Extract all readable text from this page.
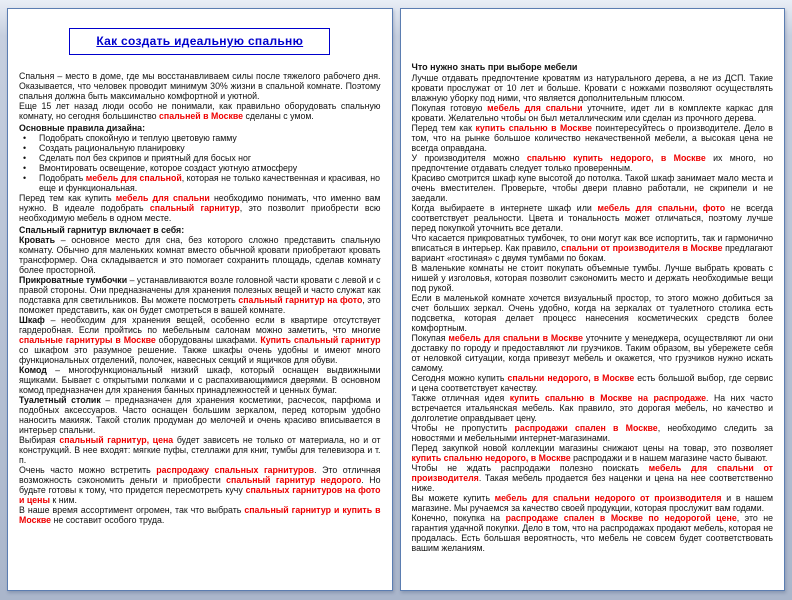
Как создать идеальную спальню
Спальня – место в доме, где мы восстанавливаем силы после тяжелого рабочего дня. Оказывается, что человек проводит минимум 30% жизни в спальной комнате. Поэтому спальня должна быть максимально комфортной и уютной.
Еще 15 лет назад люди особо не понимали, как правильно оборудовать спальную комнату, но сегодня большинство спальней в Москве сделаны с умом.
Основные правила дизайна:
• Подобрать спокойную и теплую цветовую гамму
• Создать рациональную планировку
• Сделать пол без скрипов и приятный для босых ног
• Вмонтировать освещение, которое создаст уютную атмосферу
• Подобрать мебель для спальной, которая не только качественная и красивая, но еще и функциональная.
Перед тем как купить мебель для спальни необходимо понимать, что именно вам нужно. В идеале подобрать спальный гарнитур, это позволит приобрести всю необходимую мебель в одном месте.
Спальный гарнитур включает в себя:
Кровать – основное место для сна, без которого сложно представить спальную комнату. Обычно для маленьких комнат вместо обычной кровати приобретают кровать трансформер. Она складывается и это помогает сохранить площадь, сделав комнату более просторной.
Прикроватные тумбочки – устанавливаются возле головной части кровати с левой и с правой стороны. Они предназначены для хранения полезных вещей и часто служат как подставка для светильников. Вы можете посмотреть спальный гарнитур на фото, это поможет представить, как он будет смотреться в вашей комнате.
Шкаф – необходим для хранения вещей, особенно если в квартире отсутствует гардеробная. Если пройтись по мебельным салонам можно заметить, что многие спальные гарнитуры в Москве оборудованы шкафами. Купить спальный гарнитур со шкафом это разумное решение. Также шкафы очень удобны и имеют много функциональных отделений, полочек, навесных секций и ящичков для обуви.
Комод – многофункциональный низкий шкаф, который оснащен выдвижными ящиками. Бывает с открытыми полками и с распахивающимися дверями. В основном комод предназначен для хранения банных принадлежностей и ценных бумаг.
Туалетный столик – предназначен для хранения косметики, расчесок, парфюма и подобных аксессуаров. Часто оснащен большим зеркалом, перед которым удобно наносить макияж. Такой столик продуман до мелочей и очень красиво вписывается в интерьер спальни.
Выбирая спальный гарнитур, цена будет зависеть не только от материала, но и от конструкций. В нее входят: мягкие пуфы, стеллажи для книг, тумбы для телевизора и т. п.
Очень часто можно встретить распродажу спальных гарнитуров. Это отличная возможность сэкономить деньги и приобрести спальный гарнитур недорого. Но будьте готовы к тому, что придется пересмотреть кучу спальных гарнитуров на фото и цены к ним.
В наше время ассортимент огромен, так что выбрать спальный гарнитур и купить в Москве не составит особого труда.
Что нужно знать при выборе мебели
Лучше отдавать предпочтение кроватям из натурального дерева, а не из ДСП. Такие кровати прослужат от 10 лет и больше. Кровати с ножками позволяют осуществлять влажную уборку под ними, что является дополнительным плюсом.
Покупая готовую мебель для спальни уточните, идет ли в комплекте каркас для кровати. Желательно чтобы он был металлическим или сделан из прочного дерева.
Перед тем как купить спальню в Москве поинтересуйтесь о производителе. Дело в том, что на рынке большое количество некачественной мебели, а высокая цена не всегда оправдана.
У производителя можно спальню купить недорого, в Москве их много, но предпочтение отдавать следует только проверенным.
Красиво смотрится шкаф купе высотой до потолка. Такой шкаф занимает мало места и очень вместителен. Проверьте, чтобы двери плавно работали, не скрипели и не заедали.
Когда выбираете в интернете шкаф или мебель для спальни, фото не всегда соответствует реальности. Цвета и тональность может отличаться, поэтому лучше перед покупкой уточнить все детали.
Что касается прикроватных тумбочек, то они могут как все испортить, так и гармонично вписаться в интерьер. Как правило, спальни от производителя в Москве предлагают вариант «гостиная» с двумя тумбами по бокам.
В маленькие комнаты не стоит покупать объемные тумбы. Лучше выбрать кровать с нишей у изголовья, которая позволит сэкономить место и держать необходимые вещи под рукой.
Если в маленькой комнате хочется визуальный простор, то этого можно добиться за счет больших зеркал. Очень удобно, когда на зеркалах от туалетного столика есть подсветка, которая делает процесс нанесения косметических средств более комфортным.
Покупая мебель для спальни в Москве уточните у менеджера, осуществляют ли они доставку по городу и предоставляют ли грузчиков. Таким образом, вы убережете себя от неловкой ситуации, когда привезут мебель и окажется, что грузчиков нужно искать самому.
Сегодня можно купить спальни недорого, в Москве есть большой выбор, где сервис и цена соответствует качеству.
Также отличная идея купить спальню в Москве на распродаже. На них часто встречается итальянская мебель. Как правило, это дорогая мебель, но качество и долголетие оправдывает цену.
Чтобы не пропустить распродажи спален в Москве, необходимо следить за новостями и мебельными интернет-магазинами.
Перед закупкой новой коллекции магазины снижают цены на товар, это позволяет купить спальню недорого, в Москве распродажи и в нашем магазине часто бывают.
Чтобы не ждать распродажи полезно поискать мебель для спальни от производителя. Такая мебель продается без наценки и цена на нее соответственно ниже.
Вы можете купить мебель для спальни недорого от производителя и в нашем магазине. Мы ручаемся за качество своей продукции, которая прослужит вам годами.
Конечно, покупка на распродаже спален в Москве по недорогой цене, это не гарантия удачной покупки. Дело в том, что на распродажах продают мебель, которая не продалась. Есть большая вероятность, что мебель не совсем будет соответствовать вашим желаниям.
